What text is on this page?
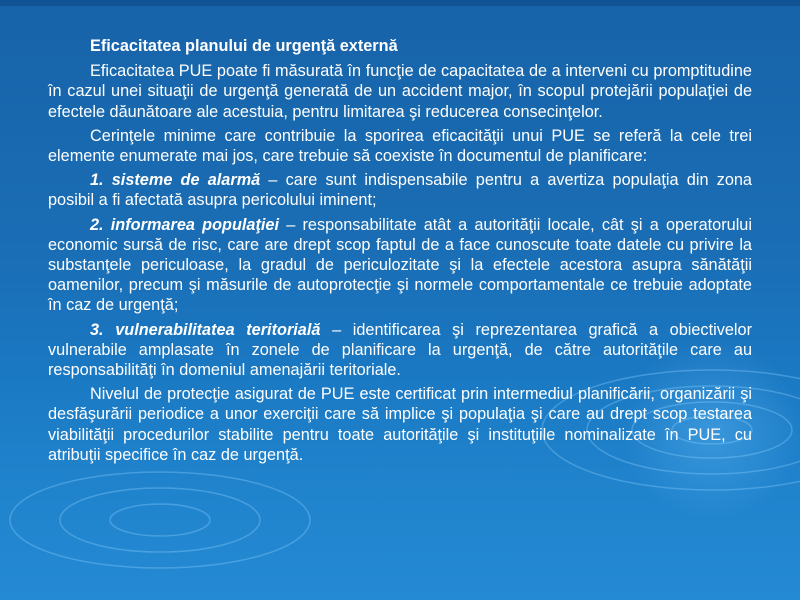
Eficacitatea planului de urgenţă externă

Eficacitatea PUE poate fi măsurată în funcţie de capacitatea de a interveni cu promptitudine în cazul unei situaţii de urgenţă generată de un accident major, în scopul protejării populaţiei de efectele dăunătoare ale acestuia, pentru limitarea şi reducerea consecinţelor.

Cerinţele minime care contribuie la sporirea eficacităţii unui PUE se referă la cele trei elemente enumerate mai jos, care trebuie să coexiste în documentul de planificare:

1. sisteme de alarmă – care sunt indispensabile pentru a avertiza populaţia din zona posibil a fi afectată asupra pericolului iminent;

2. informarea populaţiei – responsabilitate atât a autorităţii locale, cât şi a operatorului economic sursă de risc, care are drept scop faptul de a face cunoscute toate datele cu privire la substanţele periculoase, la gradul de periculozitate şi la efectele acestora asupra sănătăţii oamenilor, precum şi măsurile de autoprotecţie şi normele comportamentale ce trebuie adoptate în caz de urgenţă;

3. vulnerabilitatea teritorială – identificarea şi reprezentarea grafică a obiectivelor vulnerabile amplasate în zonele de planificare la urgenţă, de către autorităţile care au responsabilităţi în domeniul amenajării teritoriale.

Nivelul de protecţie asigurat de PUE este certificat prin intermediul planificării, organizării şi desfăşurării periodice a unor exerciţii care să implice şi populaţia şi care au drept scop testarea viabilităţii procedurilor stabilite pentru toate autorităţile şi instituţiile nominalizate în PUE, cu atribuţii specifice în caz de urgenţă.
